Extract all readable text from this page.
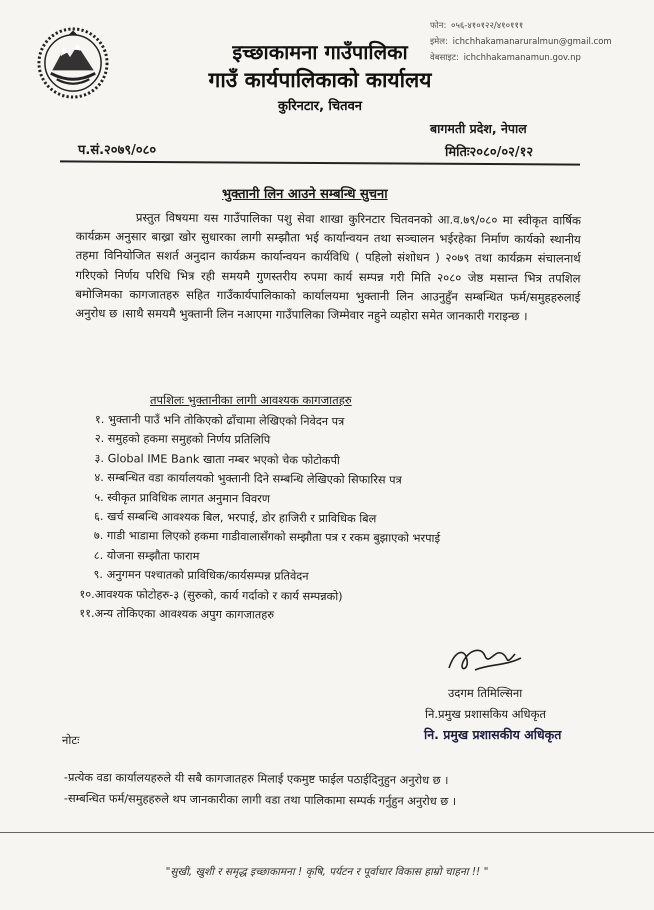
फोन: ०५६-४१०१२२/४१०१११
इमेल: ichchhakamanaruralmun@gmail.com
वेबसाइट: ichchhakamanamun.gov.np
इच्छाकामना गाउँपालिका
गाउँ कार्यपालिकाको कार्यालय
कुरिनटार, चितवन
प.सं.२०७९/०८०
बागमती प्रदेश, नेपाल
मितिः२०८०/०२/१२
भुक्तानी लिन आउने सम्बन्धि सुचना
प्रस्तुत विषयमा यस गाउँपालिका पशु सेवा शाखा कुरिनटार चितवनको आ.व.७९/०८० मा स्वीकृत वार्षिक कार्यक्रम अनुसार बाख्रा खोर सुधारका लागी सम्झौता भई कार्यान्वयन तथा सञ्चालन भईरहेका निर्माण कार्यको स्थानीय तहमा विनियोजित सशर्त अनुदान कार्यक्रम कार्यान्वयन कार्यविधि ( पहिलो संशोधन ) २०७९ तथा कार्यक्रम संचालनार्थ गरिएको निर्णय परिधि भित्र रही समयमै गुणस्तरीय रुपमा कार्य सम्पन्न गरी मिति २०८० जेष्ठ मसान्त भित्र तपशिल बमोजिमका कागजातहरु सहित गाउँकार्यपालिकाको कार्यालयमा भुक्तानी लिन आउनुहुँन सम्बन्धित फर्म/समुहहरुलाई अनुरोध छ ।साथै समयमै भुक्तानी लिन नआएमा गाउँपालिका जिम्मेवार नहुने व्यहोरा समेत जानकारी गराइन्छ ।
तपशिलः भुक्तानीका लागी आवश्यक कागजातहरु
१. भुक्तानी पाउँ भनि तोकिएको ढाँचामा लेखिएको निवेदन पत्र
२. समुहको हकमा समुहको निर्णय प्रतिलिपि
३. Global IME Bank खाता नम्बर भएको चेक फोटोकपी
४. सम्बन्धित वडा कार्यालयको भुक्तानी दिने सम्बन्धि लेखिएको सिफारिस पत्र
५. स्वीकृत प्राविधिक लागत अनुमान विवरण
६. खर्च सम्बन्धि आवश्यक बिल, भरपाई, डोर हाजिरी र प्राविधिक बिल
७. गाडी भाडामा लिएको हकमा गाडीवालासँगको सम्झौता पत्र र रकम बुझाएको भरपाई
८. योजना सम्झौता फाराम
९. अनुगमन पश्चातको प्राविधिक/कार्यसम्पन्न प्रतिवेदन
१०.आवश्यक फोटोहरु-३ (सुरुको, कार्य गर्दाको र कार्य सम्पन्नको)
११.अन्य तोकिएका आवश्यक अपुग कागजातहरु
उदगम तिमिल्सिना
नि.प्रमुख प्रशासकिय अधिकृत
नि. प्रमुख प्रशासकीय अधिकृत
नोटः
-प्रत्येक वडा कार्यालयहरुले यी सबै कागजातहरु मिलाई एकमुष्ट फाईल पठाईदिनुहुन अनुरोध छ ।
-सम्बन्धित फर्म/समुहहरुले थप जानकारीका लागी वडा तथा पालिकामा सम्पर्क गर्नुहुन अनुरोध छ ।
"सुखी, खुशी र समृद्ध इच्छाकामना ! कृषि, पर्यटन र पूर्वाधार विकास हाम्रो चाहना !! "
